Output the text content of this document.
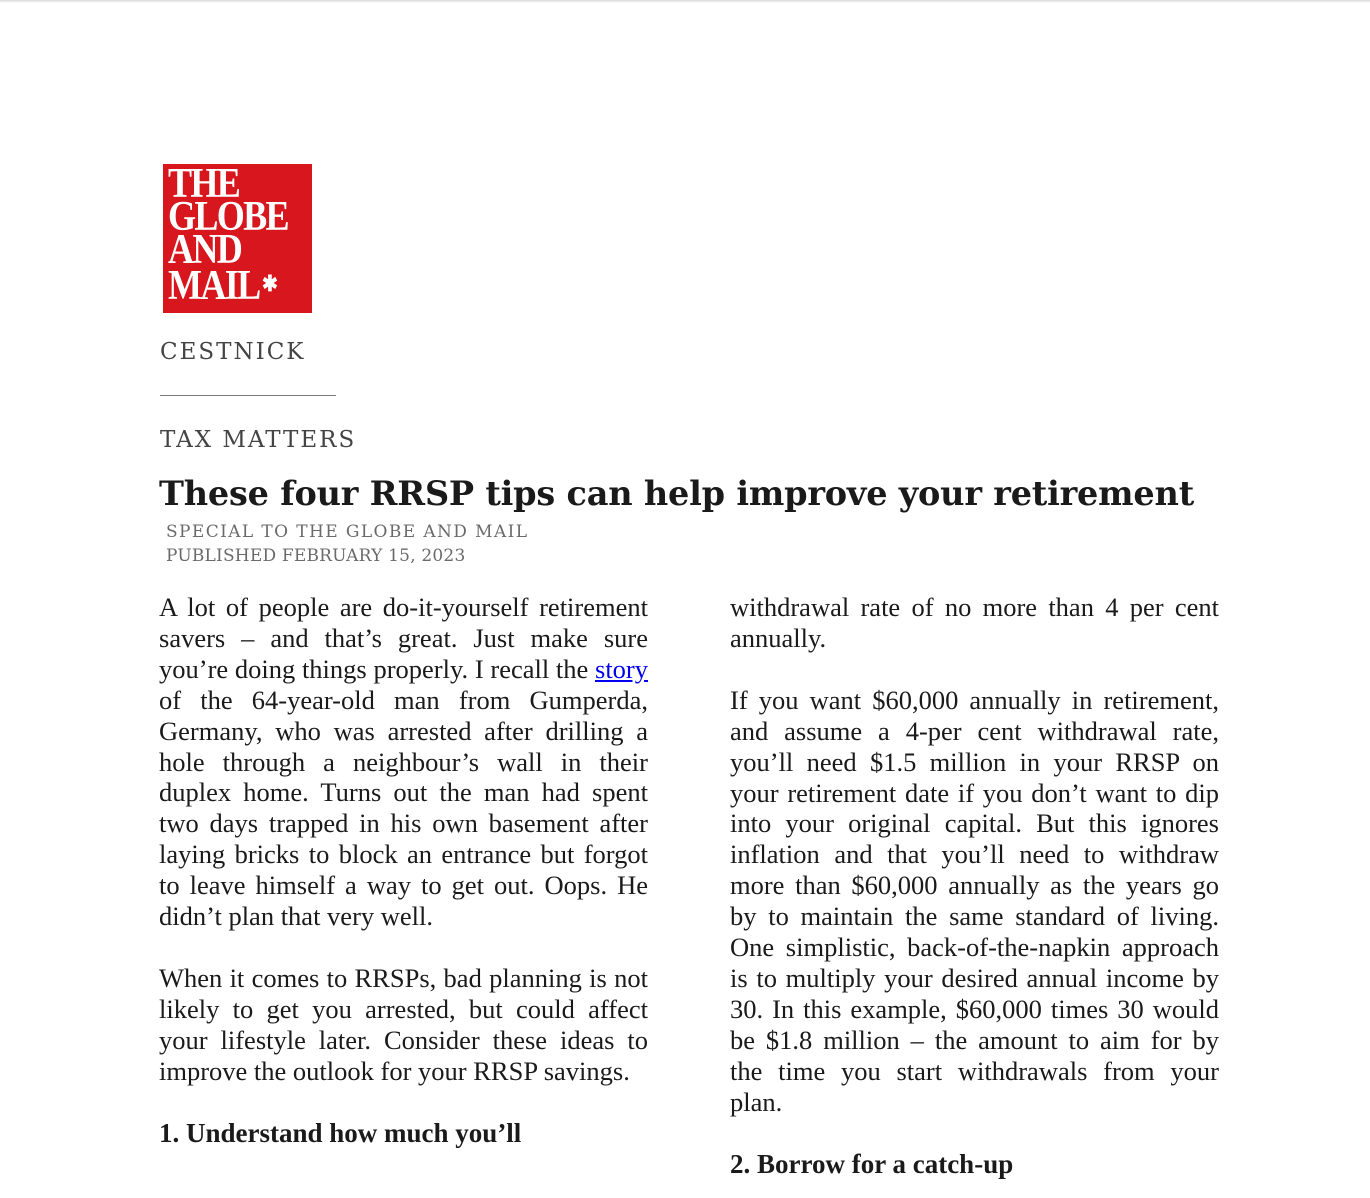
THE
GLOBE
AND
MAIL ✱

CESTNICK

TAX MATTERS

These four RRSP tips can help improve your retirement

SPECIAL TO THE GLOBE AND MAIL

PUBLISHED FEBRUARY 15, 2023

A lot of people are do-it-yourself retirement savers – and that’s great. Just make sure you’re doing things properly. I recall the story of the 64-year-old man from Gumperda, Germany, who was arrested after drilling a hole through a neighbour’s wall in their duplex home. Turns out the man had spent two days trapped in his own basement after laying bricks to block an entrance but forgot to leave himself a way to get out. Oops. He didn’t plan that very well.

When it comes to RRSPs, bad planning is not likely to get you arrested, but could affect your lifestyle later. Consider these ideas to improve the outlook for your RRSP savings.

1. Understand how much you’ll

withdrawal rate of no more than 4 per cent annually.

If you want $60,000 annually in retirement, and assume a 4-per cent withdrawal rate, you’ll need $1.5 million in your RRSP on your retirement date if you don’t want to dip into your original capital. But this ignores inflation and that you’ll need to withdraw more than $60,000 annually as the years go by to maintain the same standard of living. One simplistic, back-of-the-napkin approach is to multiply your desired annual income by 30. In this example, $60,000 times 30 would be $1.8 million – the amount to aim for by the time you start withdrawals from your plan.

2. Borrow for a catch-up
